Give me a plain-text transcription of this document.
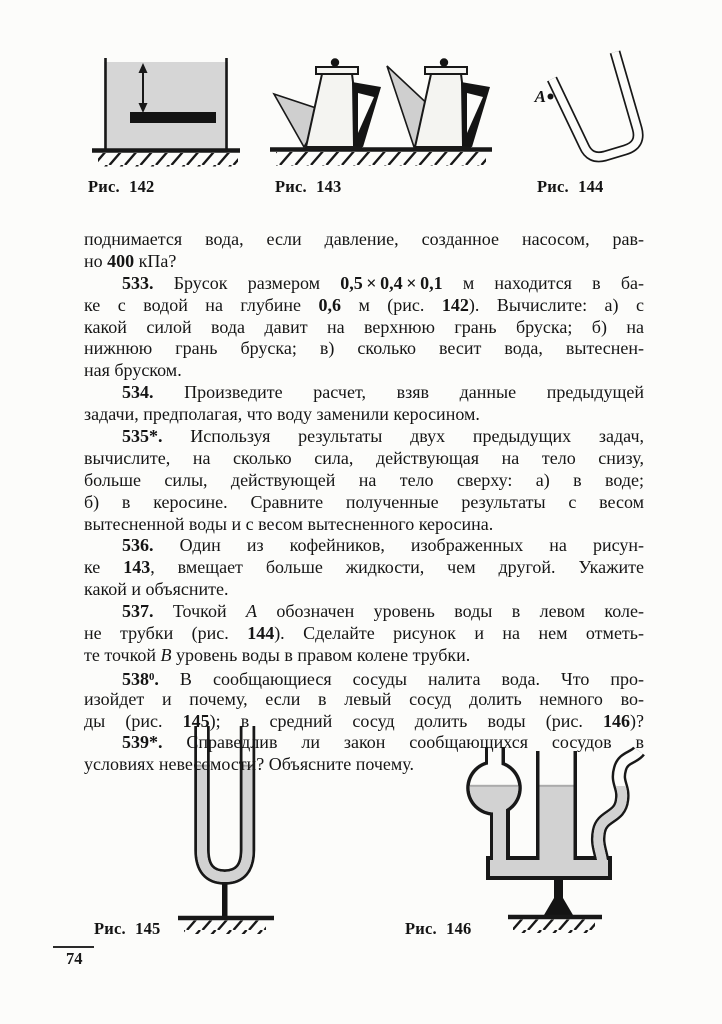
А
Рис. 142	Рис. 143	Рис. 144
Рис. 145	Рис. 146
поднимается вода, если давление, созданное насосом, рав-
но 400 кПа?
533. Брусок размером 0,5 × 0,4 × 0,1 м находится в ба-
ке с водой на глубине 0,6 м (рис. 142). Вычислите: а) с
какой силой вода давит на верхнюю грань бруска; б) на
нижнюю грань бруска; в) сколько весит вода, вытеснен-
ная бруском.
534. Произведите расчет, взяв данные предыдущей
задачи, предполагая, что воду заменили керосином.
535*. Используя результаты двух предыдущих задач,
вычислите, на сколько сила, действующая на тело снизу,
больше силы, действующей на тело сверху: а) в воде;
б) в керосине. Сравните полученные результаты с весом
вытесненной воды и с весом вытесненного керосина.
536. Один из кофейников, изображенных на рисун-
ке 143, вмещает больше жидкости, чем другой. Укажите
какой и объясните.
537. Точкой А обозначен уровень воды в левом коле-
не трубки (рис. 144). Сделайте рисунок и на нем отметь-
те точкой В уровень воды в правом колене трубки.
$538^0$. В сообщающиеся сосуды налита вода. Что про-
изойдет и почему, если в левый сосуд долить немного во-
ды (рис. 145); в средний сосуд долить воды (рис. 146)?
539*. Справедлив ли закон сообщающихся сосудов в
условиях невесомости? Объясните почему.
74
